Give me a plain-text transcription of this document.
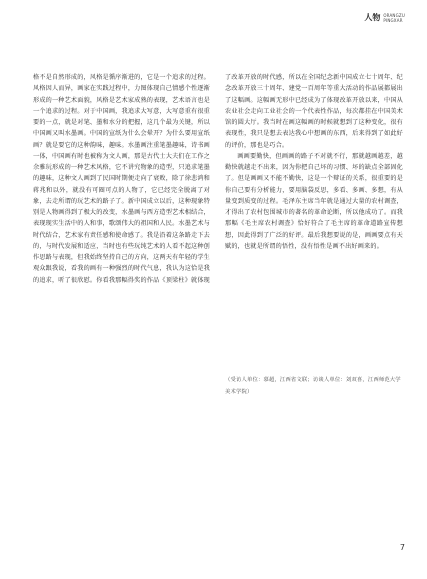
人物 ORANGZU
PINGXAR

格不是自然形成的，风格是循序渐进的，它是一个追求的过程。风格因人而异，画家在实践过程中，力图体现自己情感个性逐渐形成的一种艺术面貌，风格是艺术家成熟的表现，艺术语言也是一个追求的过程。对于中国画，我追求大写意，大写意重有很重要的一点，就是对笔、墨和水分的把握，这几个最为关键，所以中国画又叫水墨画。中国的宣纸为什么会晕开？为什么要用宣纸画？就是要它的这种韵味，趣味。水墨画注重笔墨趣味，诗书画一体，中国画有时也被称为文人画，那是古代士大夫们在工作之余雅玩形成的一种艺术风格，它不讲究物象的造型，只追求笔墨的趣味，这种文人画到了民国时期便走向了衰败，除了徐悲鸿和蒋兆和以外，就没有可圈可点的人物了，它已经完全脱离了对象，去走所谓的玩艺术的路子了。新中国成立以后，这种现象特别是人物画得到了极大的改变，水墨画与西方造型艺术相结合，表现现实生活中的人和事，歌颂伟大的祖国和人民。水墨艺术与时代结合，艺术家有责任感和使命感了。我是沿着这条路走下去的，与时代发展和适应，当时也有些玩纯艺术的人看不起这种创作思路与表现，但我始终坚持自己的方向，这两天有年轻的学生观众跟我说，看我的画有一种强烈的时代气息，我认为这恰是我的追求，听了很欣慰。你看我那幅得奖的作品《顶梁柱》就体现

了改革开放的时代感，所以在全国纪念新中国成立七十周年、纪念改革开放三十周年、建党一百周年等重大活动的作品展都展出了这幅画。这幅画无形中已经成为了体现改革开放以来，中国从农业社会走向工业社会的一个代表性作品，每次都挂在中国美术馆的圆大厅。我当时在画这幅画的时候就想到了这种变化，很有表现性，我只是想去表达我心中想画的东西，后来得到了如此好的评价，那也是巧合。

画画要勤快，但画画的路子不对就不行，那就越画越差，越勤快就越走不出来，因为你把自己坏的习惯、坏的缺点全部固化了。但是画画又不能不勤快，这是一个辩证的关系，很重要的是你自己要有分析能力，要用脑袋反思，多看、多画、多想，有从量变到质变的过程。毛泽东主席当年就是通过大量的农村调查，才得出了农村包围城市的著名的革命论断，所以他成功了。而我那幅《毛主席农村调查》恰好符合了毛主席的革命道路宣传想想，因此得到了广泛的好评。最后我想要说的是，画画要点有天赋的，也就是所谓的悟性，没有悟性是画不出好画来的。

（受访人单位：慕超，江西省文联；访谈人单位：刘双喜，江西师范大学美术学院）

7
